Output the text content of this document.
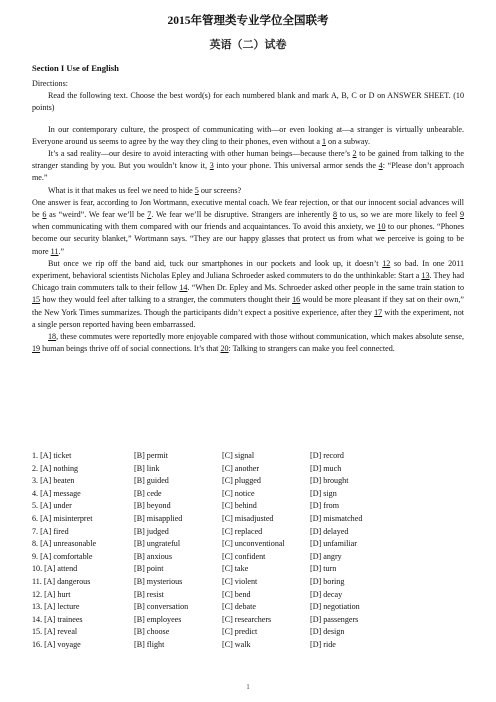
2015年管理类专业学位全国联考
英语（二）试卷
Section I Use of English

Directions:

Read the following text. Choose the best word(s) for each numbered blank and mark A, B, C or D on ANSWER SHEET. (10 points)

In our contemporary culture, the prospect of communicating with—or even looking at—a stranger is virtually unbearable. Everyone around us seems to agree by the way they cling to their phones, even without a 1 on a subway.

It’s a sad reality—our desire to avoid interacting with other human beings—because there’s 2 to be gained from talking to the stranger standing by you. But you wouldn’t know it, 3 into your phone. This universal armor sends the 4: “Please don’t approach me.”

What is it that makes us feel we need to hide 5 our screens?

One answer is fear, according to Jon Wortmann, executive mental coach. We fear rejection, or that our innocent social advances will be 6 as “weird”. We fear we’ll be 7. We fear we’ll be disruptive. Strangers are inherently 8 to us, so we are more likely to feel 9 when communicating with them compared with our friends and acquaintances. To avoid this anxiety, we 10 to our phones. “Phones become our security blanket,” Wortmann says. “They are our happy glasses that protect us from what we perceive is going to be more 11.”

But once we rip off the band aid, tuck our smartphones in our pockets and look up, it doesn’t 12 so bad. In one 2011 experiment, behavioral scientists Nicholas Epley and Juliana Schroeder asked commuters to do the unthinkable: Start a 13. They had Chicago train commuters talk to their fellow 14. “When Dr. Epley and Ms. Schroeder asked other people in the same train station to 15 how they would feel after talking to a stranger, the commuters thought their 16 would be more pleasant if they sat on their own,” the New York Times summarizes. Though the participants didn’t expect a positive experience, after they 17 with the experiment, not a single person reported having been embarrassed.

18, these commutes were reportedly more enjoyable compared with those without communication, which makes absolute sense, 19 human beings thrive off of social connections. It’s that 20: Talking to strangers can make you feel connected.

1. [A] ticket	[B] permit	[C] signal	[D] record
2. [A] nothing	[B] link	[C] another	[D] much
3. [A] beaten	[B] guided	[C] plugged	[D] brought
4. [A] message	[B] cede	[C] notice	[D] sign
5. [A] under	[B] beyond	[C] behind	[D] from
6. [A] misinterpret	[B] misapplied	[C] misadjusted	[D] mismatched
7. [A] fired	[B] judged	[C] replaced	[D] delayed
8. [A] unreasonable	[B] ungrateful	[C] unconventional	[D] unfamiliar
9. [A] comfortable	[B] anxious	[C] confident	[D] angry
10. [A] attend	[B] point	[C] take	[D] turn
11. [A] dangerous	[B] mysterious	[C] violent	[D] boring
12. [A] hurt	[B] resist	[C] bend	[D] decay
13. [A] lecture	[B] conversation	[C] debate	[D] negotiation
14. [A] trainees	[B] employees	[C] researchers	[D] passengers
15. [A] reveal	[B] choose	[C] predict	[D] design
16. [A] voyage	[B] flight	[C] walk	[D] ride
1
